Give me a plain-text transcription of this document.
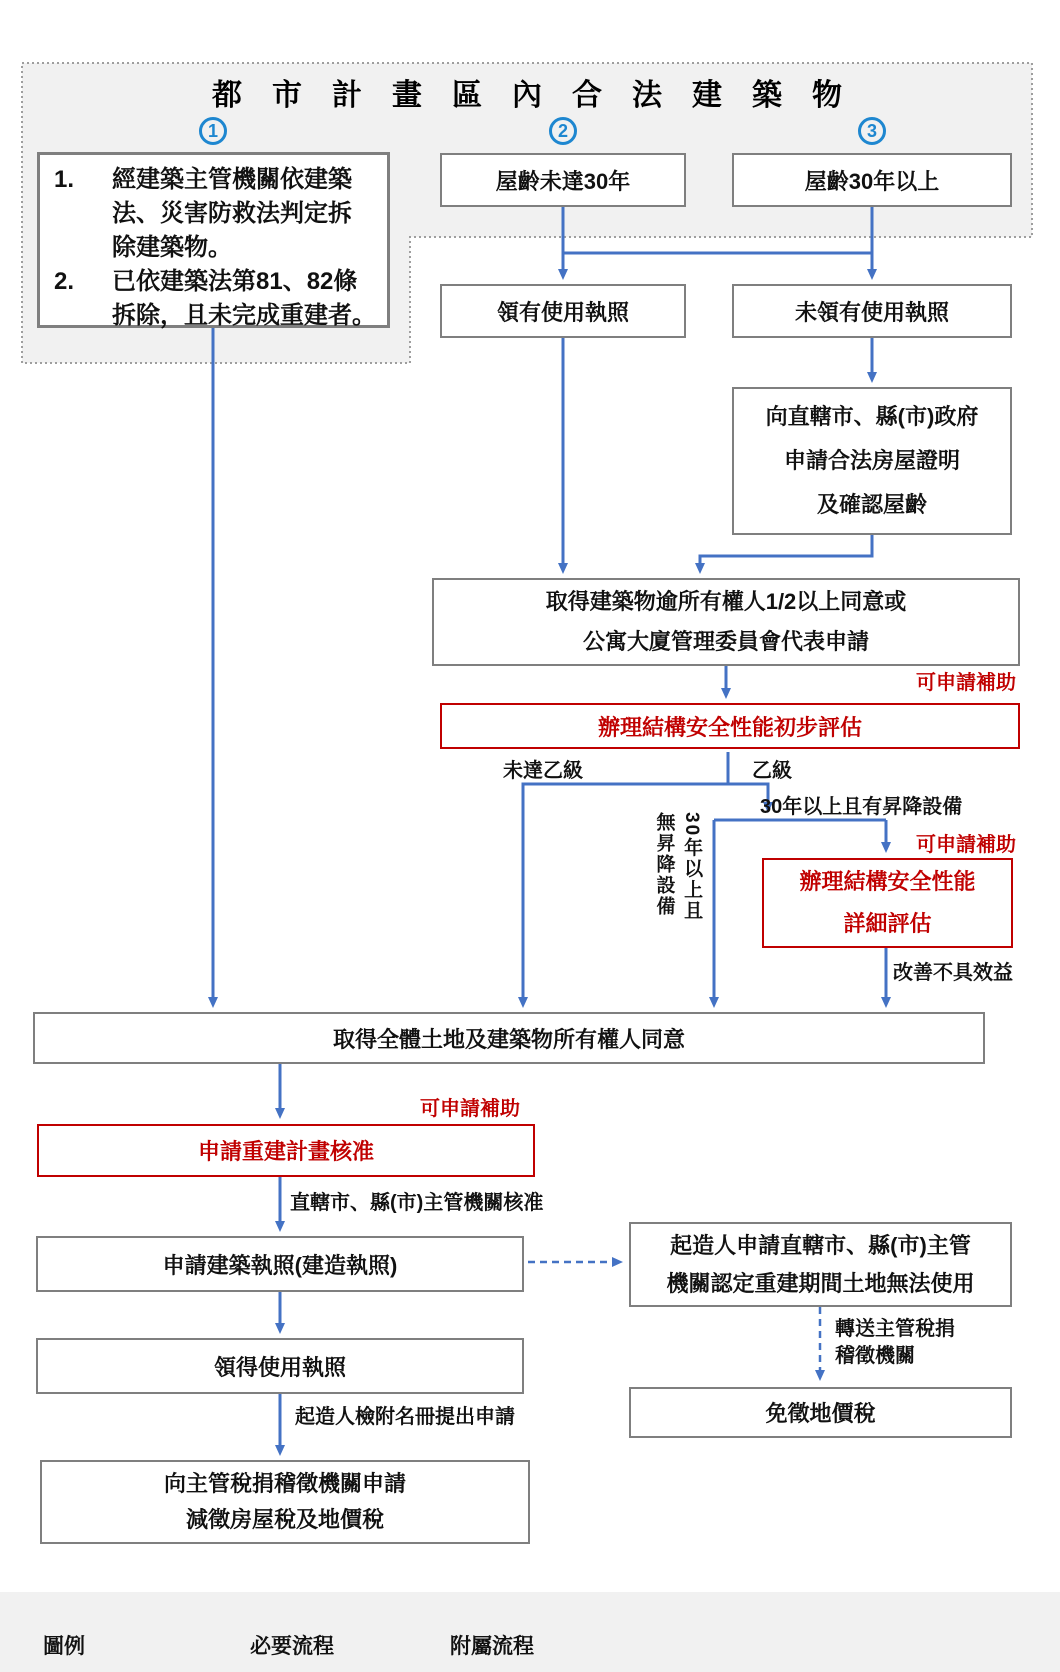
都市計畫區內合法建築物
1	2	3
1.	經建築主管機關依建築
法、災害防救法判定拆
除建築物。
2.	已依建築法第81、82條
拆除，且未完成重建者。
屋齡未達30年	屋齡30年以上
領有使用執照	未領有使用執照
向直轄市、縣(市)政府
申請合法房屋證明
及確認屋齡
取得建築物逾所有權人1/2以上同意或
公寓大廈管理委員會代表申請
可申請補助
辦理結構安全性能初步評估
未達乙級	乙級
30年以上且有昇降設備
30年以上且無昇降設備	可申請補助
辦理結構安全性能
詳細評估
改善不具效益
取得全體土地及建築物所有權人同意
可申請補助
申請重建計畫核准
直轄市、縣(市)主管機關核准
申請建築執照(建造執照)
起造人申請直轄市、縣(市)主管
機關認定重建期間土地無法使用
轉送主管稅捐
稽徵機關
領得使用執照
起造人檢附名冊提出申請	免徵地價稅
向主管稅捐稽徵機關申請
減徵房屋稅及地價稅
圖例	必要流程	附屬流程
